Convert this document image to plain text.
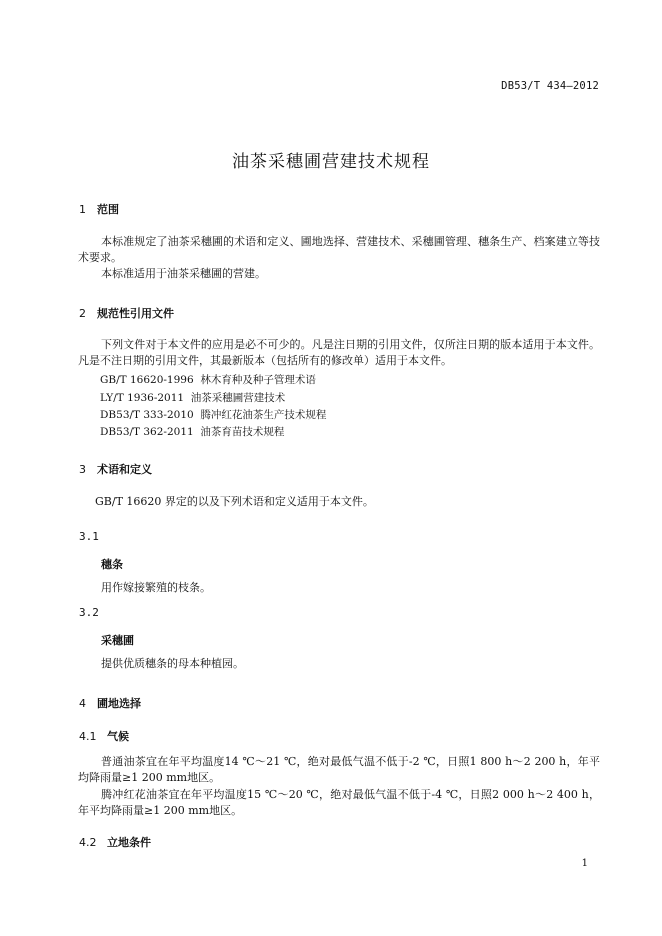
DB53/T 434—2012
油茶采穗圃营建技术规程
1 范围
本标准规定了油茶采穗圃的术语和定义、圃地选择、营建技术、采穗圃管理、穗条生产、档案建立等技术要求。
本标准适用于油茶采穗圃的营建。
2 规范性引用文件
下列文件对于本文件的应用是必不可少的。凡是注日期的引用文件，仅所注日期的版本适用于本文件。凡是不注日期的引用文件，其最新版本（包括所有的修改单）适用于本文件。
GB/T 16620-1996 林木育种及种子管理术语
LY/T 1936-2011 油茶采穗圃营建技术
DB53/T 333-2010 腾冲红花油茶生产技术规程
DB53/T 362-2011 油茶育苗技术规程
3 术语和定义
GB/T 16620 界定的以及下列术语和定义适用于本文件。
3.1
穗条
用作嫁接繁殖的枝条。
3.2
采穗圃
提供优质穗条的母本种植园。
4 圃地选择
4.1 气候
普通油茶宜在年平均温度14 ℃～21 ℃，绝对最低气温不低于-2 ℃，日照1 800 h～2 200 h，年平均降雨量≥1 200 mm地区。
腾冲红花油茶宜在年平均温度15 ℃～20 ℃，绝对最低气温不低于-4 ℃，日照2 000 h～2 400 h，年平均降雨量≥1 200 mm地区。
4.2 立地条件
1
